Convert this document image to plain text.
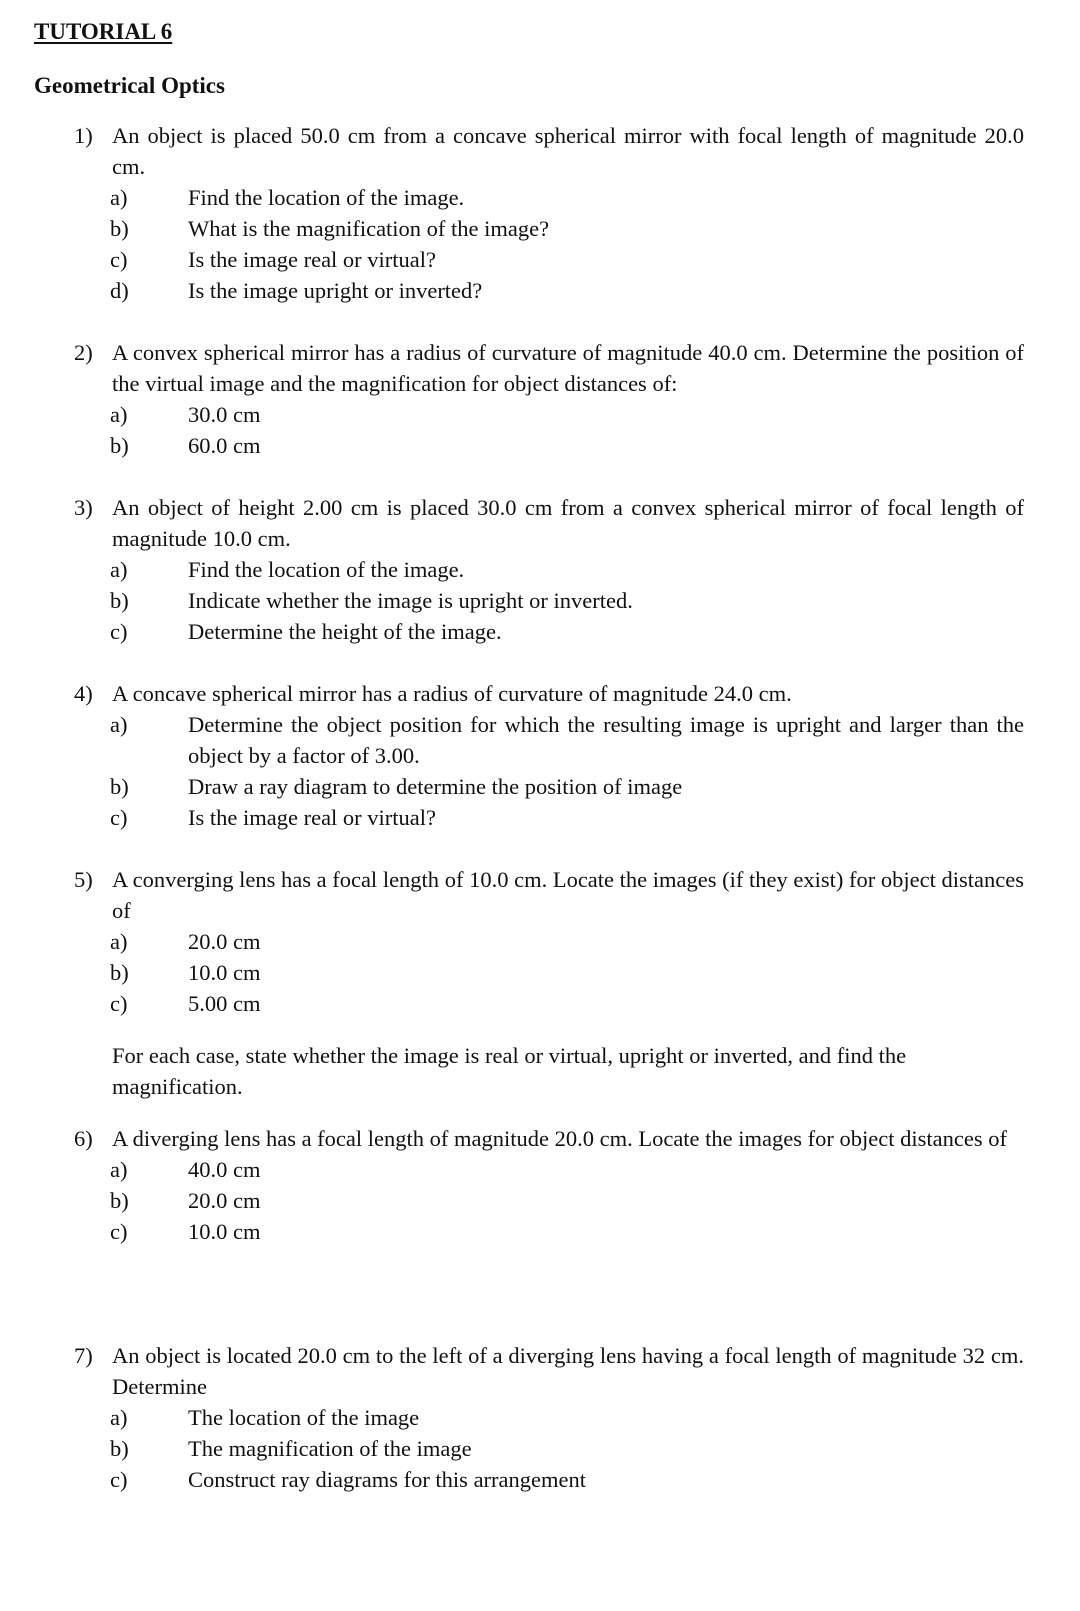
TUTORIAL 6
Geometrical Optics
1) An object is placed 50.0 cm from a concave spherical mirror with focal length of magnitude 20.0 cm.

a)	Find the location of the image.
b)	What is the magnification of the image?
c)	Is the image real or virtual?
d)	Is the image upright or inverted?
2) A convex spherical mirror has a radius of curvature of magnitude 40.0 cm. Determine the position of the virtual image and the magnification for object distances of:

a)	30.0 cm
b)	60.0 cm
3) An object of height 2.00 cm is placed 30.0 cm from a convex spherical mirror of focal length of magnitude 10.0 cm.

a)	Find the location of the image.
b)	Indicate whether the image is upright or inverted.
c)	Determine the height of the image.
4) A concave spherical mirror has a radius of curvature of magnitude 24.0 cm.

a)	Determine the object position for which the resulting image is upright and larger than the object by a factor of 3.00.
b)	Draw a ray diagram to determine the position of image
c)	Is the image real or virtual?
5) A converging lens has a focal length of 10.0 cm. Locate the images (if they exist) for object distances of

a)	20.0 cm
b)	10.0 cm
c)	5.00 cm

For each case, state whether the image is real or virtual, upright or inverted, and find the magnification.

6) A diverging lens has a focal length of magnitude 20.0 cm. Locate the images for object distances of

a)	40.0 cm
b)	20.0 cm
c)	10.0 cm
7) An object is located 20.0 cm to the left of a diverging lens having a focal length of magnitude 32 cm. Determine

a)	The location of the image
b)	The magnification of the image
c)	Construct ray diagrams for this arrangement
